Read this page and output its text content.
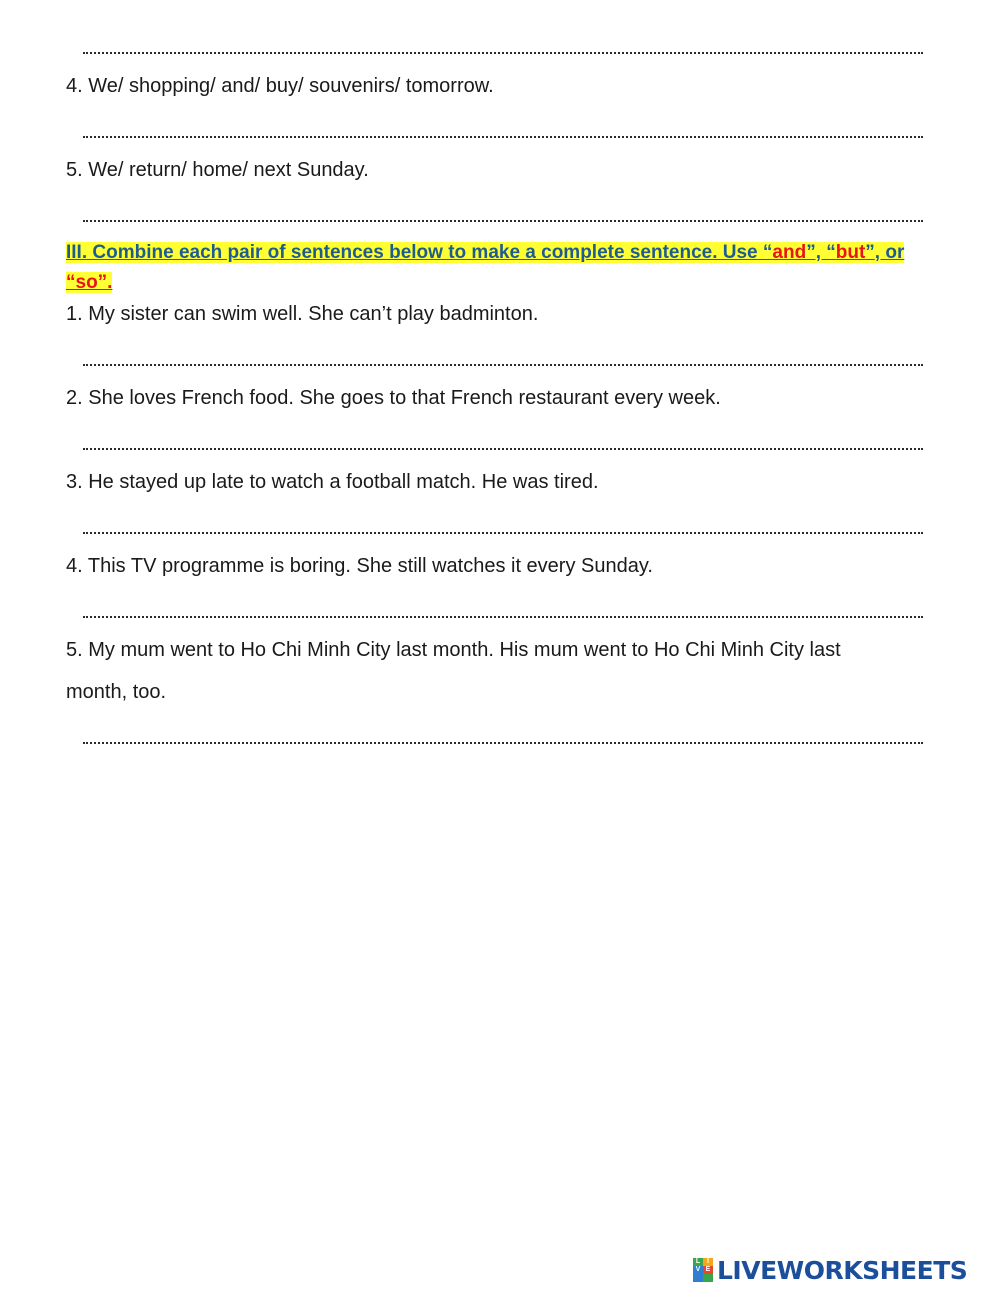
4. We/ shopping/ and/ buy/ souvenirs/ tomorrow.
5. We/ return/ home/ next Sunday.
III. Combine each pair of sentences below to make a complete sentence. Use “and”, “but”, or “so”.
1. My sister can swim well. She can’t play badminton.
2. She loves French food. She goes to that French restaurant every week.
3. He stayed up late to watch a football match. He was tired.
4. This TV programme is boring. She still watches it every Sunday.
5. My mum went to Ho Chi Minh City last month. His mum went to Ho Chi Minh City last
month, too.
L I
V E LIVEWORKSHEETS
